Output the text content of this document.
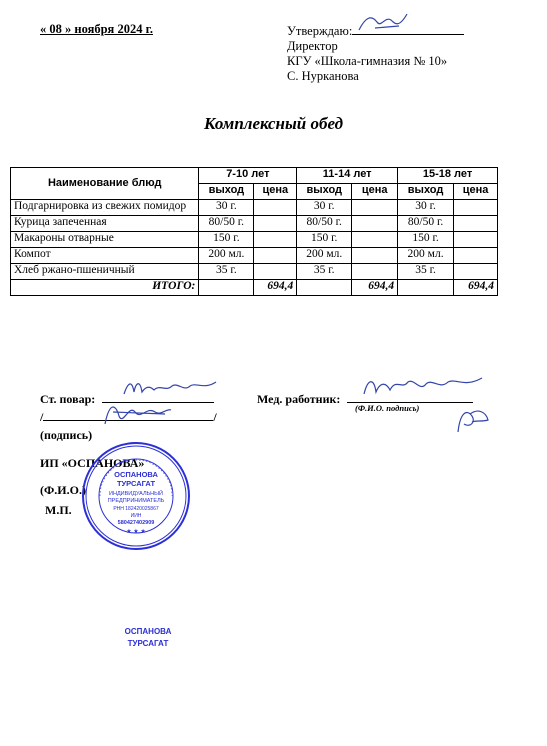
« 08 » ноября 2024 г.	Утверждаю:
Директор
КГУ «Школа-гимназия № 10»
С. Нурканова
Комплексный обед
Наименование блюд	7-10 лет		11-14 лет		15-18 лет	
	выход	цена	выход	цена	выход	цена
Подгарнировка из свежих помидор	30 г.		30 г.		30 г.	
Курица запеченная	80/50 г.		80/50 г.		80/50 г.	
Макароны отварные	150 г.		150 г.		150 г.	
Компот	200 мл.		200 мл.		200 мл.	
Хлеб ржано-пшеничный	35 г.		35 г.		35 г.	
ИТОГО:		694,4		694,4		694,4
Ст. повар:
/	/
(подпись)
Мед. работник:
(Ф.И.О. подпись)
ИП «ОСПАНОВА»
(Ф.И.О.)
М.П.
ОСПАНОВА
ТУРСАГАТ
ИНДИВИДУАЛЬНЫЙ
ПРЕДПРИНИМАТЕЛЬ
РНН 182420025867
ИИН
580427402909
★ ★ ★
ОСПАНОВА
ТУРСАГАТ
